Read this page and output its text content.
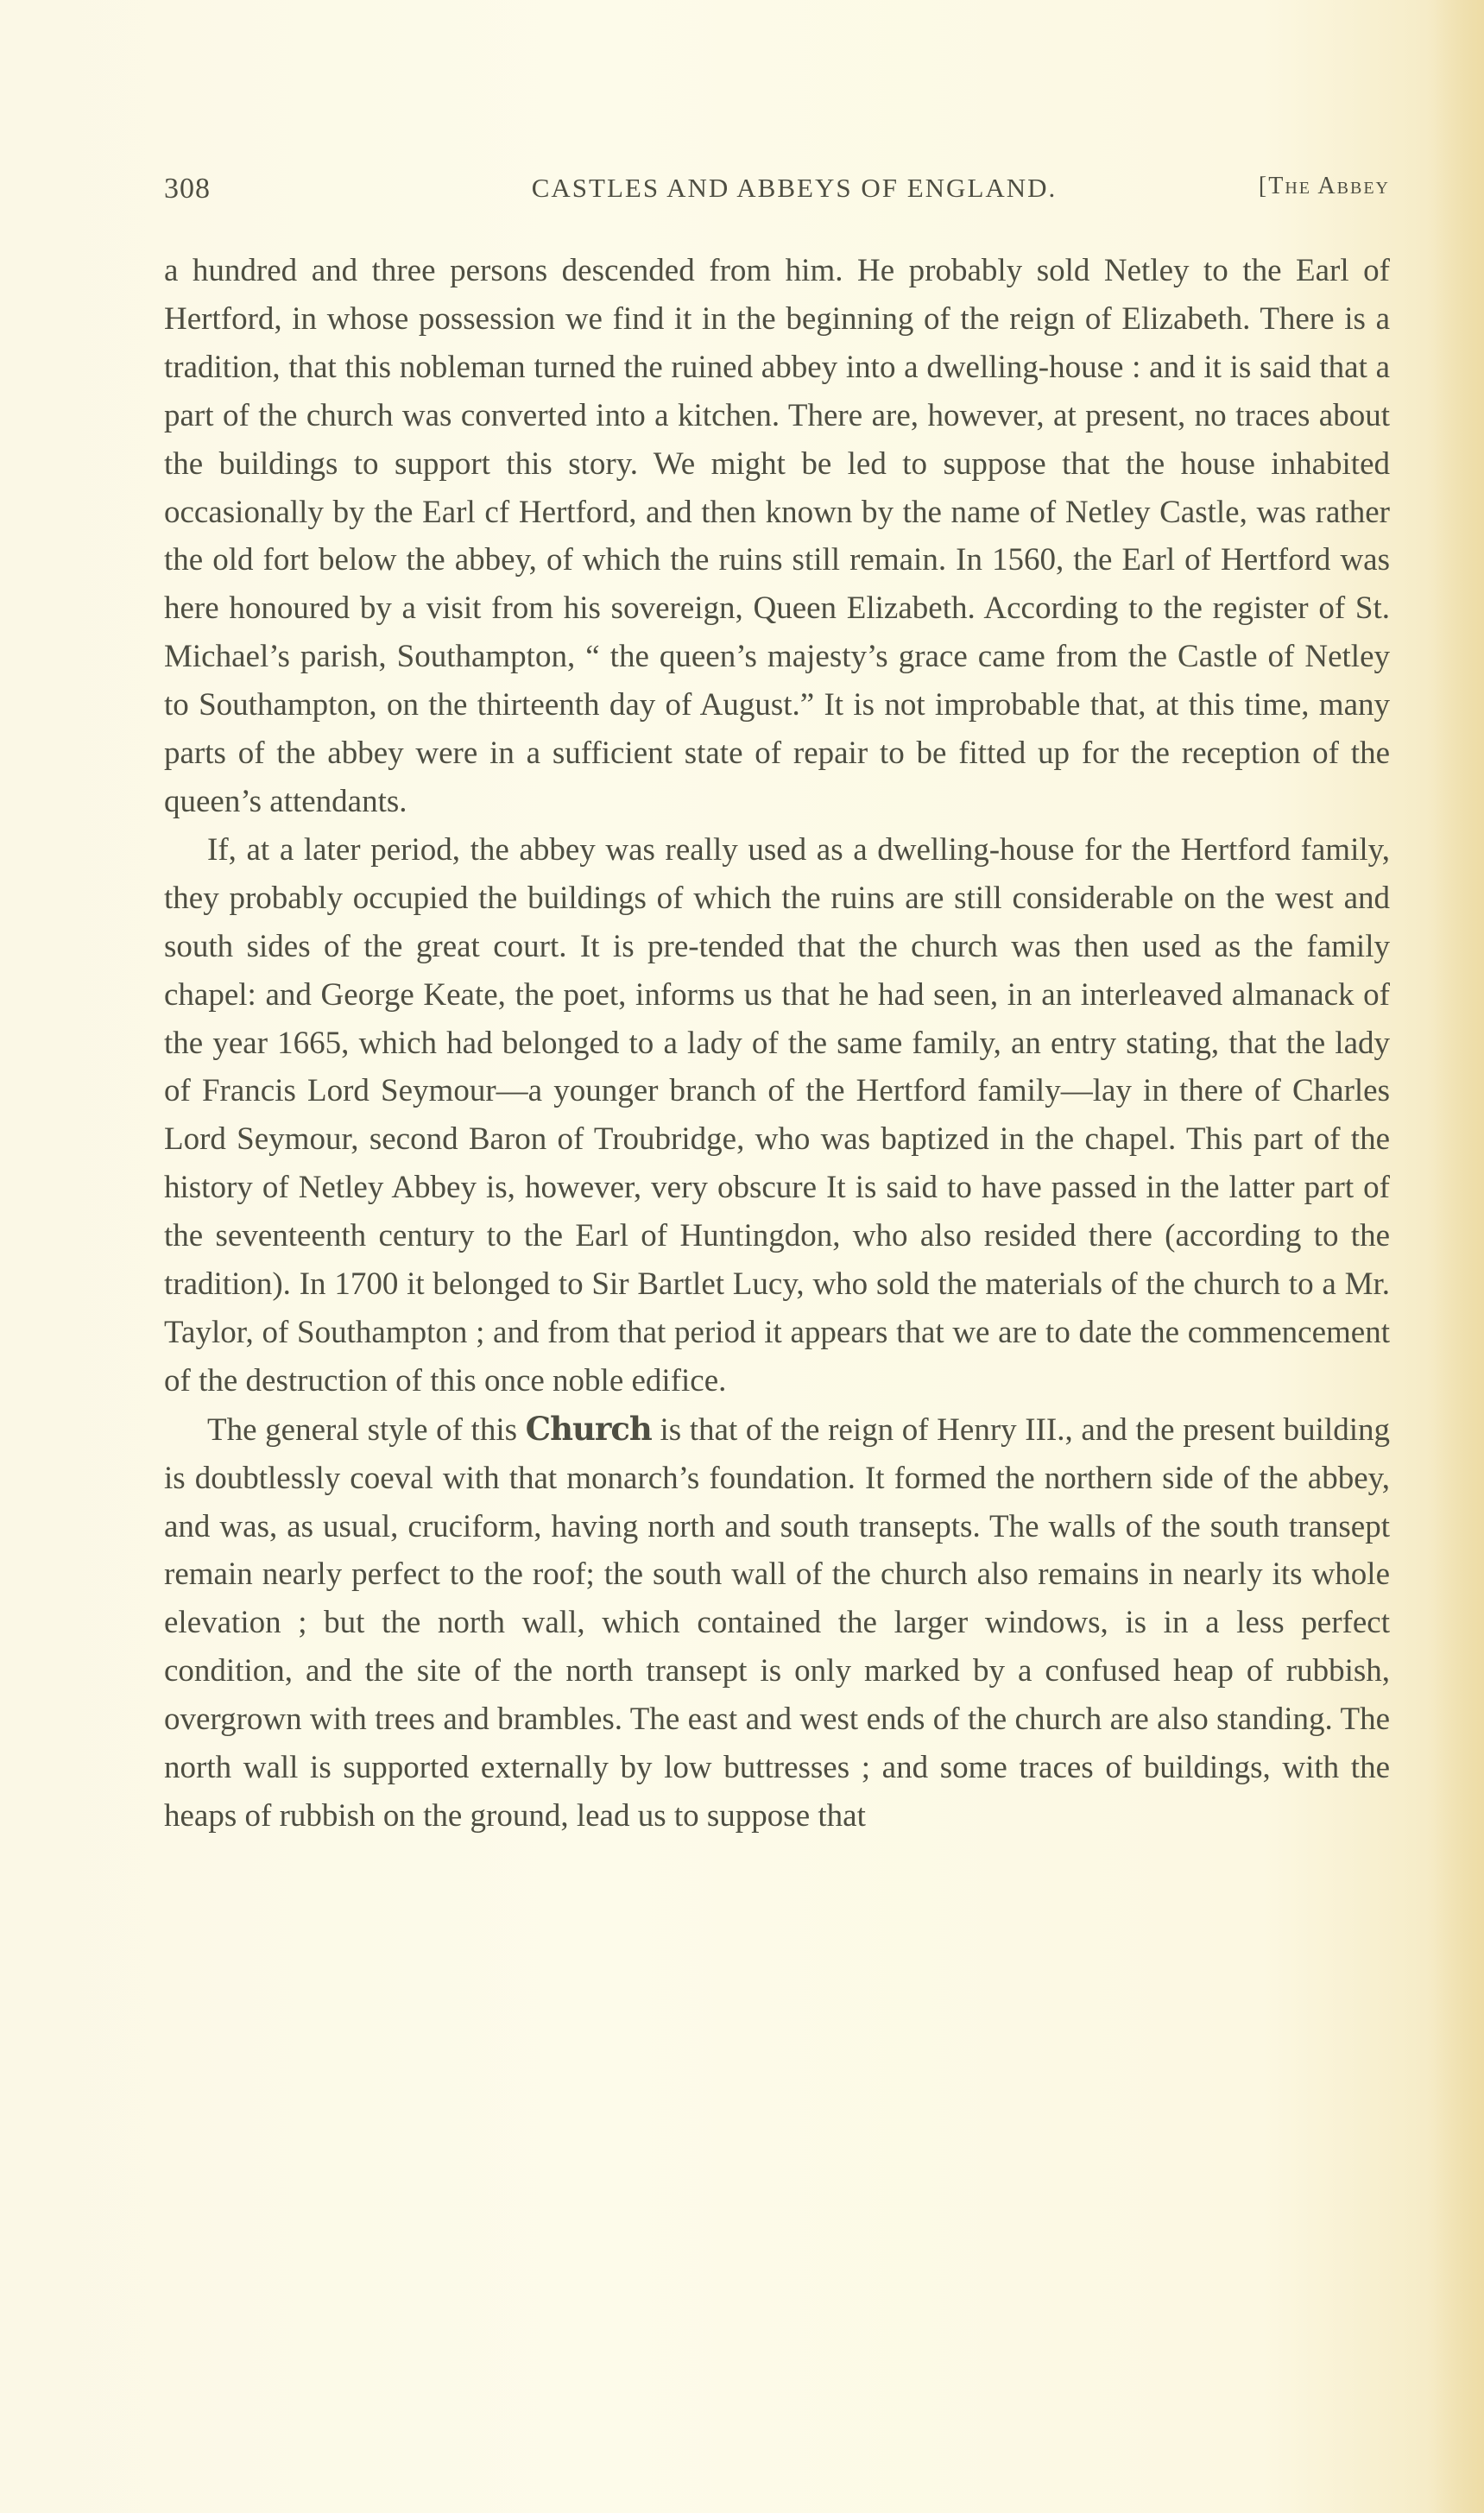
308	CASTLES AND ABBEYS OF ENGLAND.	[The Abbey

a hundred and three persons descended from him. He probably sold Netley to the Earl of Hertford, in whose possession we find it in the beginning of the reign of Elizabeth. There is a tradition, that this nobleman turned the ruined abbey into a dwelling-house : and it is said that a part of the church was converted into a kitchen. There are, however, at present, no traces about the buildings to support this story. We might be led to suppose that the house inhabited occasionally by the Earl cf Hertford, and then known by the name of Netley Castle, was rather the old fort below the abbey, of which the ruins still remain. In 1560, the Earl of Hertford was here honoured by a visit from his sovereign, Queen Elizabeth. According to the register of St. Michael’s parish, Southampton, “ the queen’s majesty’s grace came from the Castle of Netley to Southampton, on the thirteenth day of August.” It is not improbable that, at this time, many parts of the abbey were in a sufficient state of repair to be fitted up for the reception of the queen’s attendants.

If, at a later period, the abbey was really used as a dwelling-house for the Hertford family, they probably occupied the buildings of which the ruins are still considerable on the west and south sides of the great court. It is pre-tended that the church was then used as the family chapel: and George Keate, the poet, informs us that he had seen, in an interleaved almanack of the year 1665, which had belonged to a lady of the same family, an entry stating, that the lady of Francis Lord Seymour—a younger branch of the Hertford family—lay in there of Charles Lord Seymour, second Baron of Troubridge, who was baptized in the chapel. This part of the history of Netley Abbey is, however, very obscure It is said to have passed in the latter part of the seventeenth century to the Earl of Huntingdon, who also resided there (according to the tradition). In 1700 it belonged to Sir Bartlet Lucy, who sold the materials of the church to a Mr. Taylor, of Southampton ; and from that period it appears that we are to date the commencement of the destruction of this once noble edifice.

The general style of this Church is that of the reign of Henry III., and the present building is doubtlessly coeval with that monarch’s foundation. It formed the northern side of the abbey, and was, as usual, cruciform, having north and south transepts. The walls of the south transept remain nearly perfect to the roof; the south wall of the church also remains in nearly its whole elevation ; but the north wall, which contained the larger windows, is in a less perfect condition, and the site of the north transept is only marked by a confused heap of rubbish, overgrown with trees and brambles. The east and west ends of the church are also standing. The north wall is supported externally by low buttresses ; and some traces of buildings, with the heaps of rubbish on the ground, lead us to suppose that
